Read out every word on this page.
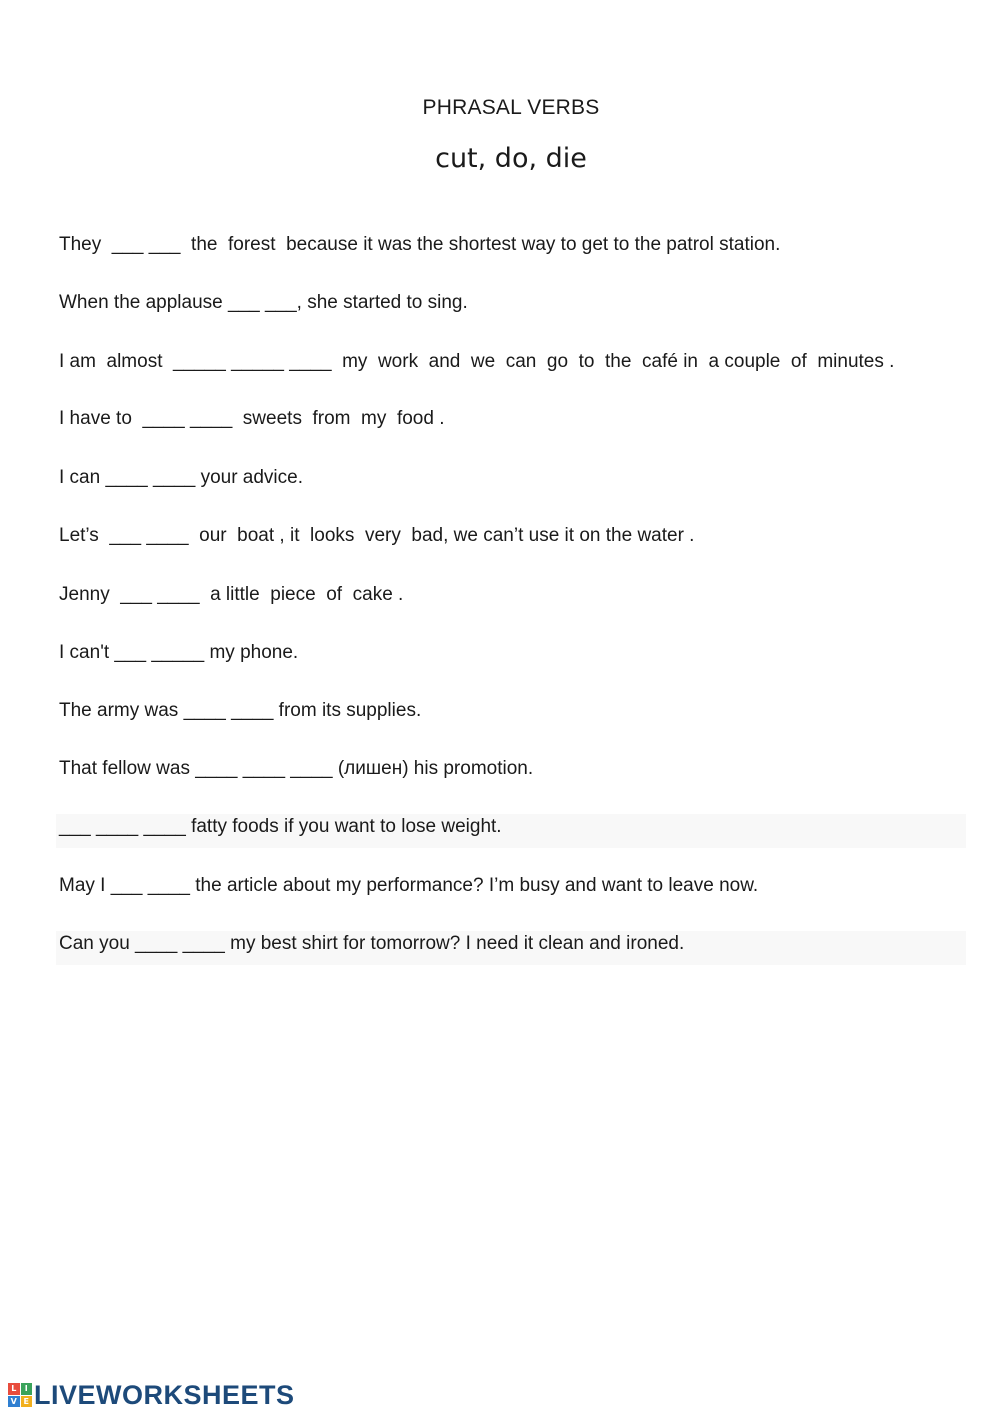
PHRASAL VERBS
cut, do, die
They  ___ ___  the  forest  because it was the shortest way to get to the patrol station.
When the applause ___ ___, she started to sing.
I am  almost  _____ _____ ____  my  work  and  we  can  go  to  the  café in  a couple  of  minutes .
I have to  ____ ____  sweets  from  my  food .
I can ____ ____ your advice.
Let’s  ___ ____  our  boat , it  looks  very  bad, we can’t use it on the water .
Jenny  ___ ____  a little  piece  of  cake .
I can't ___ _____ my phone.
The army was ____ ____ from its supplies.
That fellow was ____ ____ ____ (лишен) his promotion.
___ ____ ____ fatty foods if you want to lose weight.
May I ___ ____ the article about my performance? I’m busy and want to leave now.
Can you ____ ____ my best shirt for tomorrow? I need it clean and ironed.
L	I
V E LIVEWORKSHEETS
